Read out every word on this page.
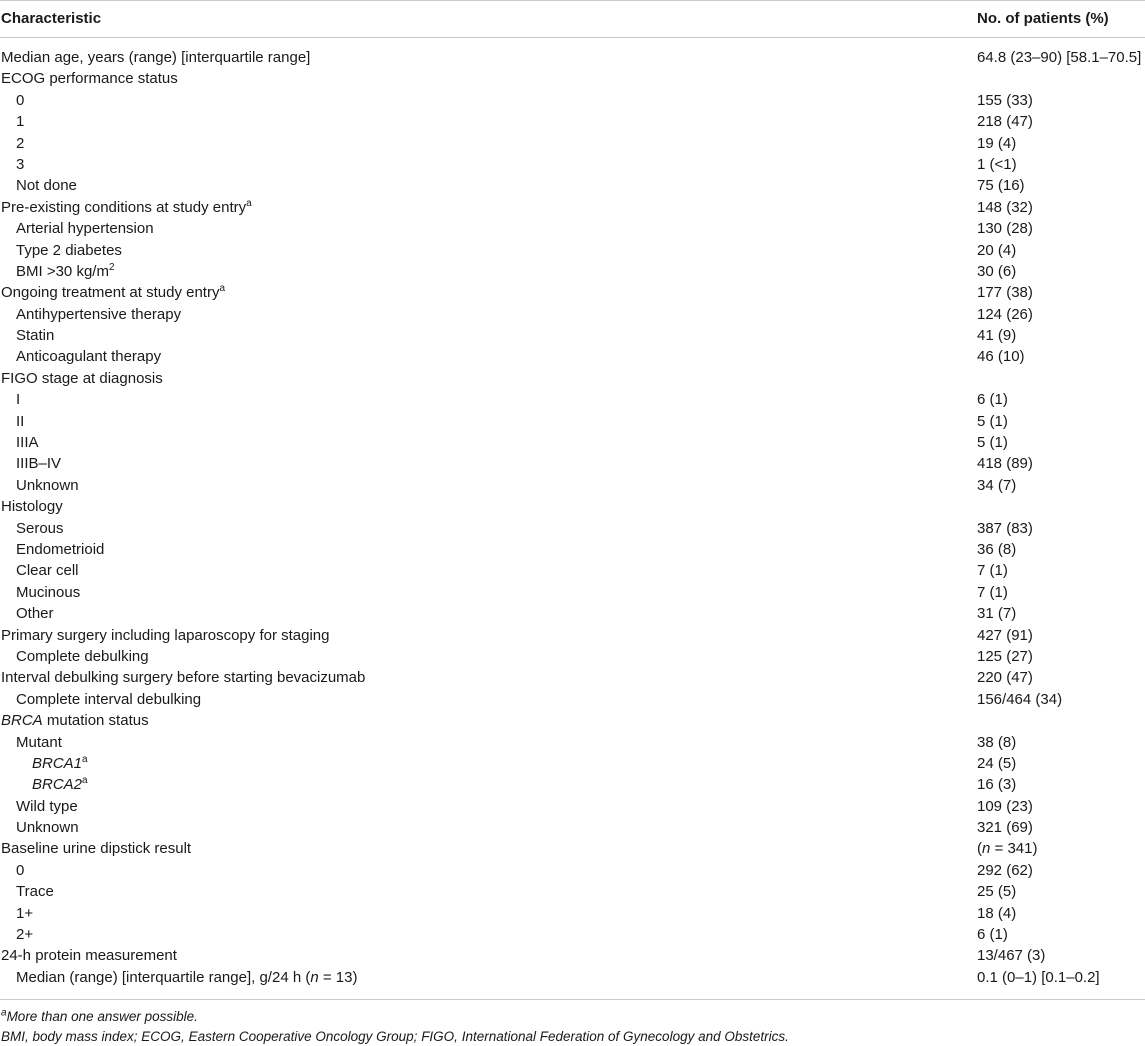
Characteristic	No. of patients (%)
Median age, years (range) [interquartile range]	64.8 (23–90) [58.1–70.5]
ECOG performance status
0	155 (33)
1	218 (47)
2	19 (4)
3	1 (<1)
Not done	75 (16)
Pre-existing conditions at study entry$^a$	148 (32)
Arterial hypertension	130 (28)
Type 2 diabetes	20 (4)
BMI >30 $kg/m^2$	30 (6)
Ongoing treatment at study entry$^a$	177 (38)
Antihypertensive therapy	124 (26)
Statin	41 (9)
Anticoagulant therapy	46 (10)
FIGO stage at diagnosis
I	6 (1)
II	5 (1)
IIIA	5 (1)
IIIB–IV	418 (89)
Unknown	34 (7)
Histology
Serous	387 (83)
Endometrioid	36 (8)
Clear cell	7 (1)
Mucinous	7 (1)
Other	31 (7)
Primary surgery including laparoscopy for staging	427 (91)
Complete debulking	125 (27)
Interval debulking surgery before starting bevacizumab	220 (47)
Complete interval debulking	156/464 (34)
BRCA mutation status
Mutant	38 (8)
BRCA1$^a$	24 (5)
BRCA2$^a$	16 (3)
Wild type	109 (23)
Unknown	321 (69)
Baseline urine dipstick result	(n = 341)
0	292 (62)
Trace	25 (5)
1+	18 (4)
2+	6 (1)
24-h protein measurement	13/467 (3)
Median (range) [interquartile range], g/24 h (n = 13)	0.1 (0–1) [0.1–0.2]
$^a$More than one answer possible.
BMI, body mass index; ECOG, Eastern Cooperative Oncology Group; FIGO, International Federation of Gynecology and Obstetrics.
